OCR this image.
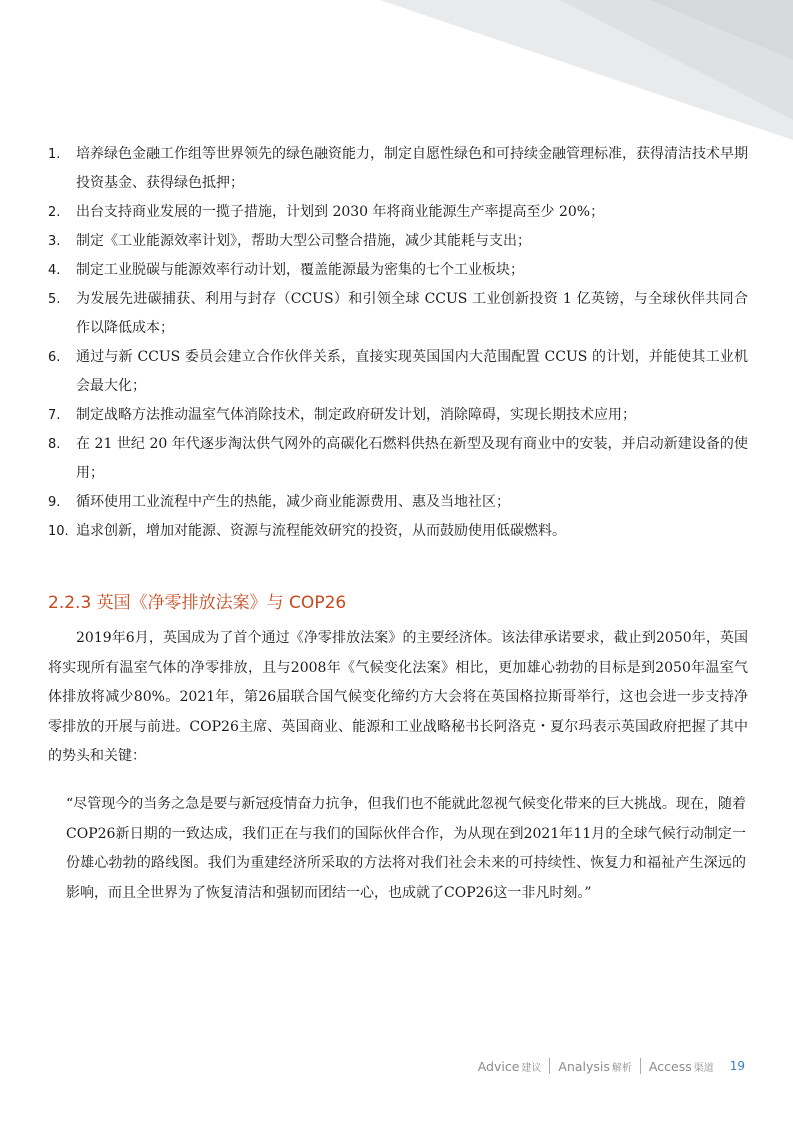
1. 培养绿色金融工作组等世界领先的绿色融资能力，制定自愿性绿色和可持续金融管理标准，获得清洁技术早期投资基金、获得绿色抵押；
2. 出台支持商业发展的一揽子措施，计划到 2030 年将商业能源生产率提高至少 20%；
3. 制定《工业能源效率计划》，帮助大型公司整合措施，减少其能耗与支出；
4. 制定工业脱碳与能源效率行动计划，覆盖能源最为密集的七个工业板块；
5. 为发展先进碳捕获、利用与封存（CCUS）和引领全球 CCUS 工业创新投资 1 亿英镑，与全球伙伴共同合作以降低成本；
6. 通过与新 CCUS 委员会建立合作伙伴关系，直接实现英国国内大范围配置 CCUS 的计划，并能使其工业机会最大化；
7. 制定战略方法推动温室气体消除技术，制定政府研发计划，消除障碍，实现长期技术应用；
8. 在 21 世纪 20 年代逐步淘汰供气网外的高碳化石燃料供热在新型及现有商业中的安装，并启动新建设备的使用；
9. 循环使用工业流程中产生的热能，减少商业能源费用、惠及当地社区；
10. 追求创新，增加对能源、资源与流程能效研究的投资，从而鼓励使用低碳燃料。
2.2.3 英国《净零排放法案》与 COP26

2019年6月，英国成为了首个通过《净零排放法案》的主要经济体。该法律承诺要求，截止到2050年，英国将实现所有温室气体的净零排放，且与2008年《气候变化法案》相比，更加雄心勃勃的目标是到2050年温室气体排放将减少80%。2021年，第26届联合国气候变化缔约方大会将在英国格拉斯哥举行，这也会进一步支持净零排放的开展与前进。COP26主席、英国商业、能源和工业战略秘书长阿洛克・夏尔玛表示英国政府把握了其中的势头和关键：

“尽管现今的当务之急是要与新冠疫情奋力抗争，但我们也不能就此忽视气候变化带来的巨大挑战。现在，随着COP26新日期的一致达成，我们正在与我们的国际伙伴合作，为从现在到2021年11月的全球气候行动制定一份雄心勃勃的路线图。我们为重建经济所采取的方法将对我们社会未来的可持续性、恢复力和福祉产生深远的影响，而且全世界为了恢复清洁和强韧而团结一心，也成就了COP26这一非凡时刻。”

Advice 建议 Analysis 解析 Access 渠道 19
